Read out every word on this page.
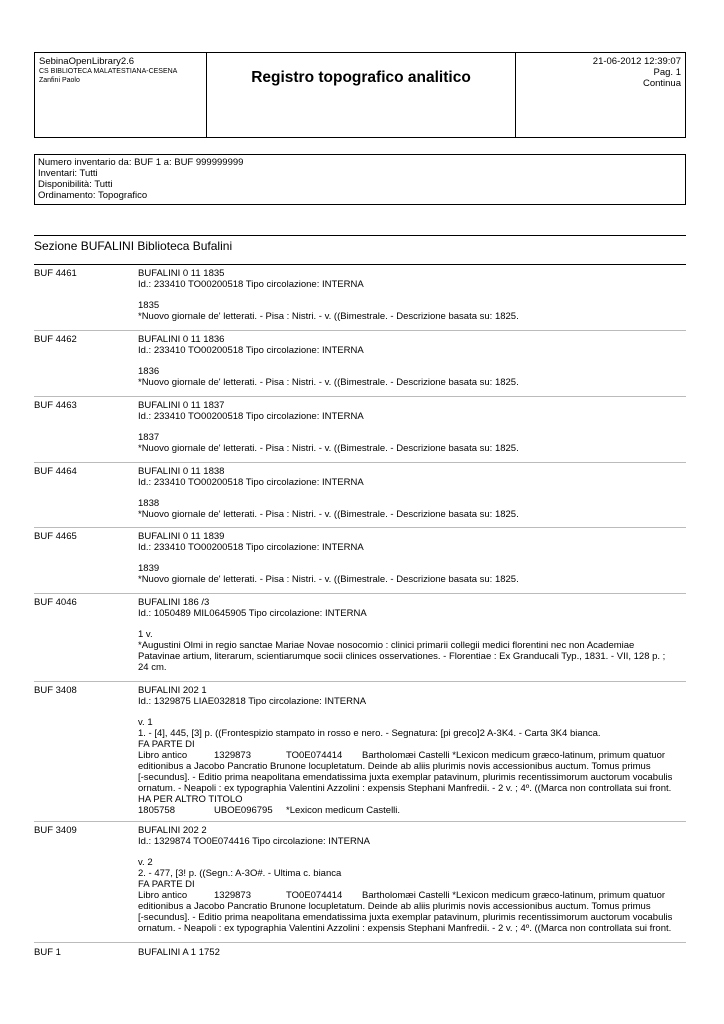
SebinaOpenLibrary2.6
CS BIBLIOTECA MALATESTIANA-CESENA
Zanfini Paolo	Registro topografico analitico
21-06-2012 12:39:07
Pag. 1
Continua
Numero inventario da: BUF 1 a: BUF 999999999
Inventari: Tutti
Disponibilità: Tutti
Ordinamento: Topografico
Sezione BUFALINI Biblioteca Bufalini
BUF 4461	BUFALINI 0 11 1835
Id.: 233410 TO00200518 Tipo circolazione: INTERNA
1835
*Nuovo giornale de' letterati. - Pisa : Nistri. - v. ((Bimestrale. - Descrizione basata su: 1825.
BUF 4462	BUFALINI 0 11 1836
Id.: 233410 TO00200518 Tipo circolazione: INTERNA
1836
*Nuovo giornale de' letterati. - Pisa : Nistri. - v. ((Bimestrale. - Descrizione basata su: 1825.
BUF 4463	BUFALINI 0 11 1837
Id.: 233410 TO00200518 Tipo circolazione: INTERNA
1837
*Nuovo giornale de' letterati. - Pisa : Nistri. - v. ((Bimestrale. - Descrizione basata su: 1825.
BUF 4464	BUFALINI 0 11 1838
Id.: 233410 TO00200518 Tipo circolazione: INTERNA
1838
*Nuovo giornale de' letterati. - Pisa : Nistri. - v. ((Bimestrale. - Descrizione basata su: 1825.
BUF 4465	BUFALINI 0 11 1839
Id.: 233410 TO00200518 Tipo circolazione: INTERNA
1839
*Nuovo giornale de' letterati. - Pisa : Nistri. - v. ((Bimestrale. - Descrizione basata su: 1825.
BUF 4046	BUFALINI 186 /3
Id.: 1050489 MIL0645905 Tipo circolazione: INTERNA
1 v.
*Augustini Olmi in regio sanctae Mariae Novae nosocomio : clinici primarii collegii medici florentini nec non Academiae
Patavinae artium, literarum, scientiarumque socii clinices osservationes. - Florentiae : Ex Granducali Typ., 1831. - VII, 128 p. ;
24 cm.
BUF 3408	BUFALINI 202 1
Id.: 1329875 LIAE032818 Tipo circolazione: INTERNA
v. 1
1. - [4], 445, [3] p. ((Frontespizio stampato in rosso e nero. - Segnatura: [pi greco]2 A-3K4. - Carta 3K4 bianca.
FA PARTE DI
Libro antico	1329873	TO0E074414 Bartholomæi Castelli *Lexicon medicum græco-latinum, primum quatuor
editionibus a Jacobo Pancratio Brunone locupletatum. Deinde ab aliis plurimis novis accessionibus auctum. Tomus primus
[-secundus]. - Editio prima neapolitana emendatissima juxta exemplar patavinum, plurimis recentissimorum auctorum vocabulis
ornatum. - Neapoli : ex typographia Valentini Azzolini : expensis Stephani Manfredii. - 2 v. ; 4º. ((Marca non controllata sui front.
HA PER ALTRO TITOLO
1805758	UBOE096795 *Lexicon medicum Castelli.
BUF 3409	BUFALINI 202 2
Id.: 1329874 TO0E074416 Tipo circolazione: INTERNA
v. 2
2. - 477, [3! p. ((Segn.: A-3O#. - Ultima c. bianca
FA PARTE DI
Libro antico	1329873	TO0E074414 Bartholomæi Castelli *Lexicon medicum græco-latinum, primum quatuor
editionibus a Jacobo Pancratio Brunone locupletatum. Deinde ab aliis plurimis novis accessionibus auctum. Tomus primus
[-secundus]. - Editio prima neapolitana emendatissima juxta exemplar patavinum, plurimis recentissimorum auctorum vocabulis
ornatum. - Neapoli : ex typographia Valentini Azzolini : expensis Stephani Manfredii. - 2 v. ; 4º. ((Marca non controllata sui front.
BUF 1	BUFALINI A 1 1752
